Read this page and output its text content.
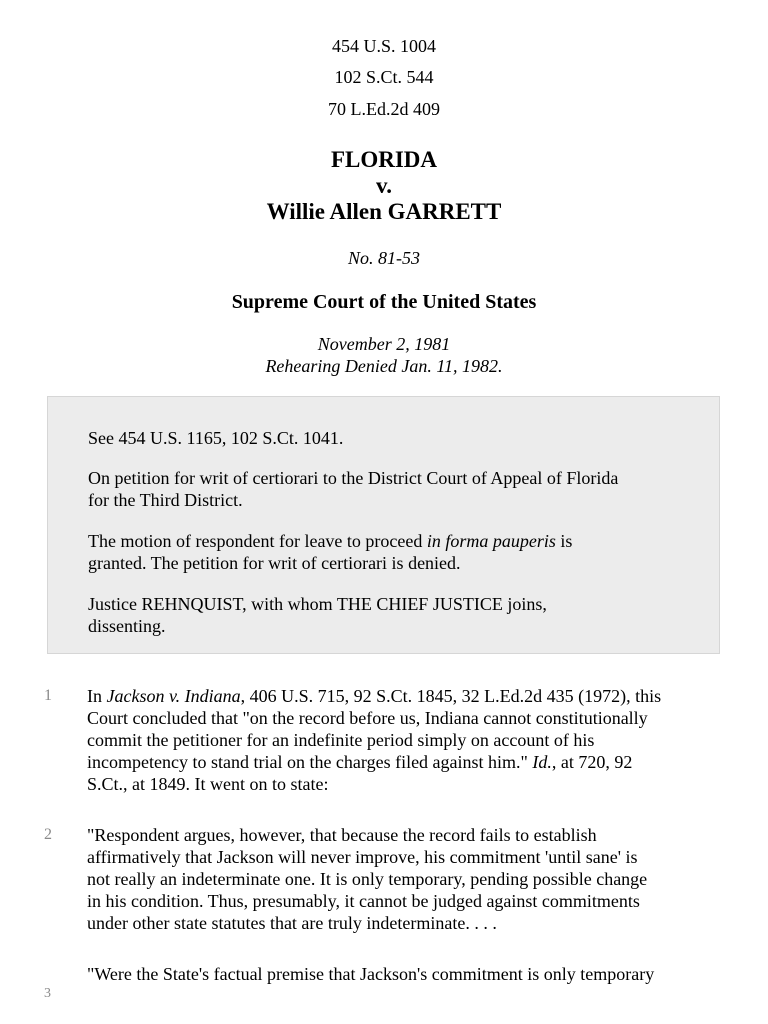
454 U.S. 1004
102 S.Ct. 544
70 L.Ed.2d 409
FLORIDA
v.
Willie Allen GARRETT
No. 81-53
Supreme Court of the United States
November 2, 1981
Rehearing Denied Jan. 11, 1982.

See 454 U.S. 1165, 102 S.Ct. 1041.

On petition for writ of certiorari to the District Court of Appeal of Florida
for the Third District.

The motion of respondent for leave to proceed in forma pauperis is
granted. The petition for writ of certiorari is denied.

Justice REHNQUIST, with whom THE CHIEF JUSTICE joins,
dissenting.

1	In Jackson v. Indiana, 406 U.S. 715, 92 S.Ct. 1845, 32 L.Ed.2d 435 (1972), this
Court concluded that "on the record before us, Indiana cannot constitutionally
commit the petitioner for an indefinite period simply on account of his
incompetency to stand trial on the charges filed against him." Id., at 720, 92
S.Ct., at 1849. It went on to state:

2	"Respondent argues, however, that because the record fails to establish
affirmatively that Jackson will never improve, his commitment 'until sane' is
not really an indeterminate one. It is only temporary, pending possible change
in his condition. Thus, presumably, it cannot be judged against commitments
under other state statutes that are truly indeterminate. . . .

3

"Were the State's factual premise that Jackson's commitment is only temporary
